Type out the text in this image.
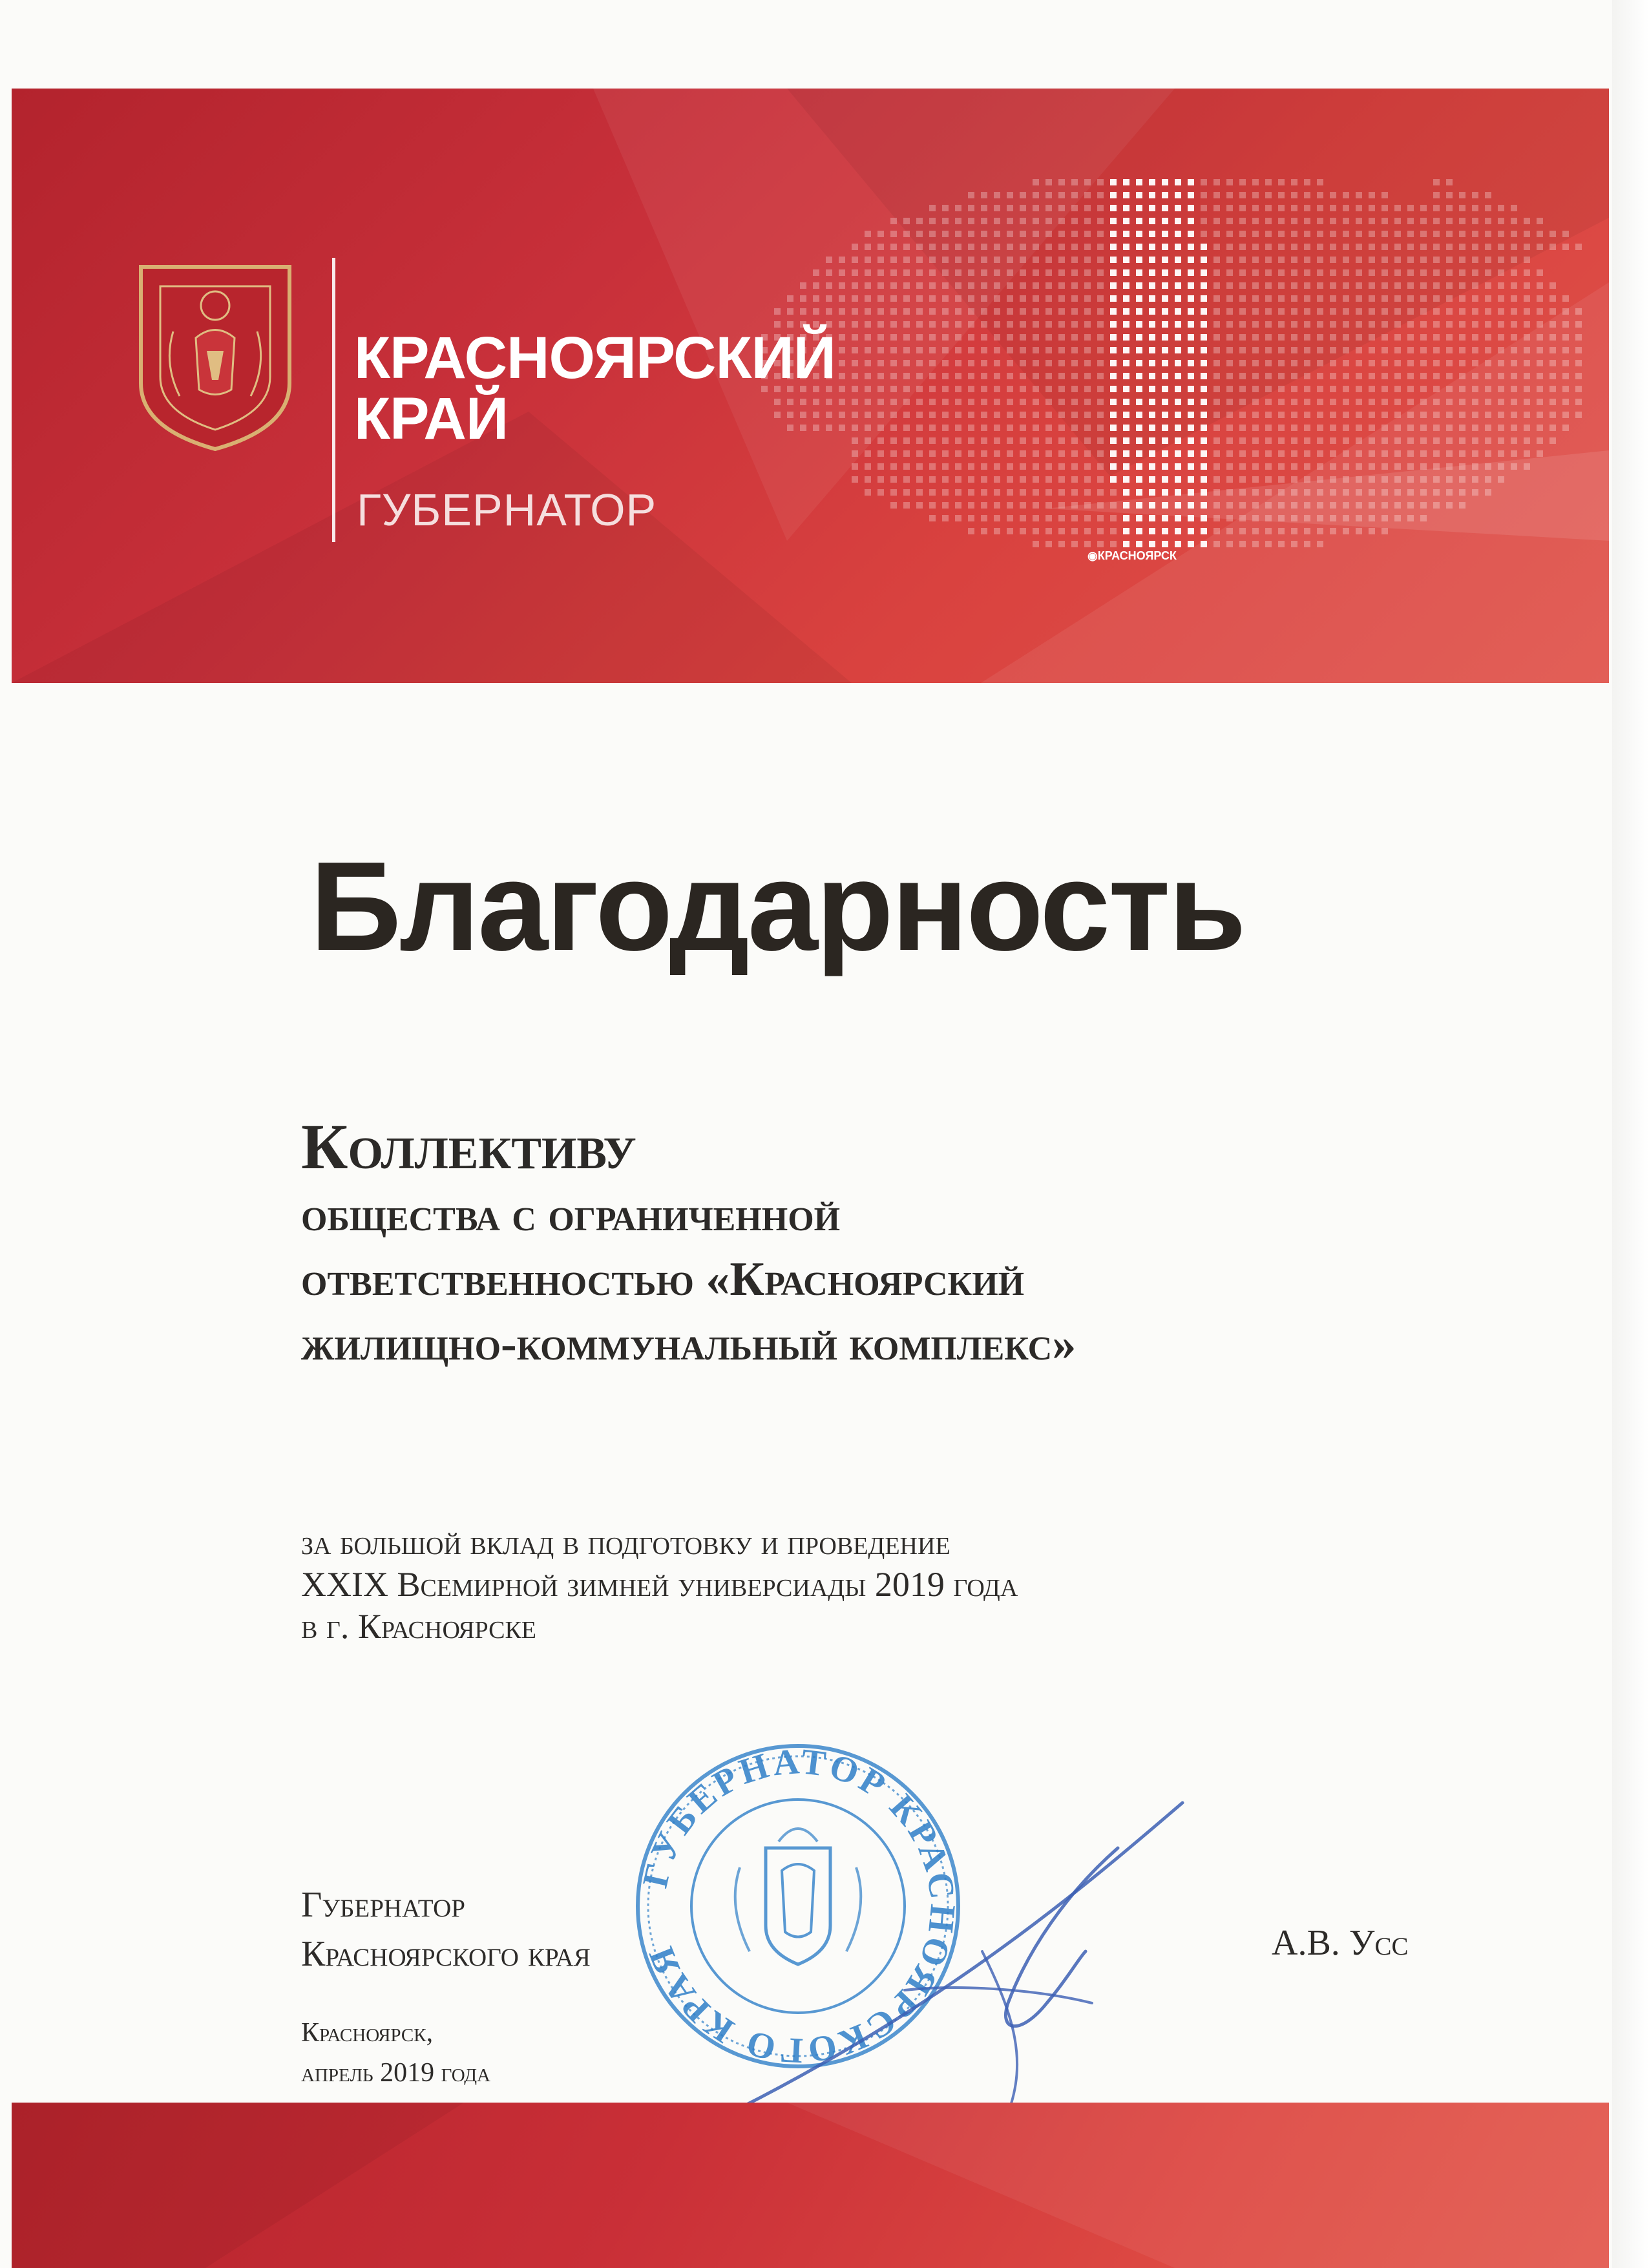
КРАСНОЯРСКИЙ
КРАЙ
ГУБЕРНАТОР
◉КРАСНОЯРСК
Благодарность
Коллективу
общества с ограниченной
ответственностью «Красноярский
жилищно-коммунальный комплекс»
за большой вклад в подготовку и проведение
XXIX Всемирной зимней универсиады 2019 года
в г. Красноярске
ГУБЕРНАТОР КРАСНОЯРСКОГО КРАЯ
Губернатор
Красноярского края	А.В. Усс
Красноярск,
апрель 2019 года
